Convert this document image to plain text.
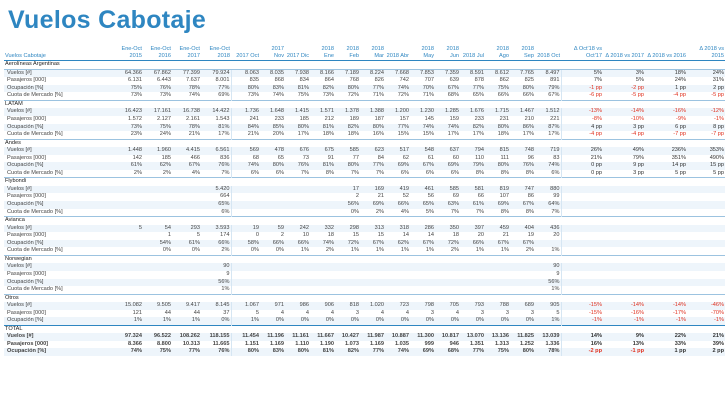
Vuelos Cabotaje
Vuelos Cabotaje	Ene-Oct 2015	Ene-Oct 2016	Ene-Oct 2017	Ene-Oct 2018	2017 Oct	2017 Nov	2017 Dic	2018 Ene	2018 Feb	2018 Mar	2018 Abr	2018 May	2018 Jun	2018 Jul	2018 Ago	2018 Sep	2018 Oct	Δ Oct'18 vs Oct'17	Δ 2018 vs 2017	Δ 2018 vs 2016	Δ 2018 vs 2015
Aerolíneas Argentinas																					
Vuelos [#]	64.366	67.862	77.399	79.924	8.063	8.035	7.938	8.166	7.189	8.224	7.668	7.853	7.359	8.591	8.612	7.765	8.497	5%	3%	18%	24%
Pasajeros [000]	6.131	6.443	7.637	8.001	835	868	834	864	768	826	742	707	639	878	862	825	891	7%	5%	24%	31%
Ocupación [%]	75%	76%	78%	77%	80%	83%	81%	82%	80%	77%	74%	70%	67%	77%	75%	80%	79%	-1 pp	-2 pp	1 pp	2 pp
Cuota de Mercado [%]	73%	73%	74%	69%	73%	74%	75%	73%	72%	71%	72%	71%	68%	65%	66%	66%	67%	-6 pp	-5 pp	-4 pp	-5 pp
LATAM																					
Vuelos [#]	16.423	17.161	16.738	14.422	1.736	1.648	1.415	1.571	1.378	1.388	1.200	1.230	1.285	1.676	1.715	1.467	1.512	-13%	-14%	-16%	-12%
Pasajeros [000]	1.572	2.127	2.161	1.543	241	233	185	212	189	187	157	145	159	233	231	210	221	-8%	-10%	-9%	-1%
Ocupación [%]	73%	75%	78%	81%	84%	85%	80%	81%	82%	80%	77%	74%	74%	82%	80%	86%	87%	4 pp	3 pp	6 pp	8 pp
Cuota de Mercado [%]	23%	24%	21%	17%	21%	20%	17%	18%	18%	16%	15%	15%	17%	17%	18%	17%	17%	-4 pp	-4 pp	-7 pp	-7 pp
Andes																					
Vuelos [#]	1.448	1.960	4.415	6.561	569	478	676	675	585	623	517	548	637	794	815	748	719	26%	49%	236%	353%
Pasajeros [000]	142	185	466	836	68	65	73	91	77	84	62	61	60	110	111	96	83	21%	79%	351%	490%
Ocupación [%]	61%	62%	67%	76%	74%	80%	76%	81%	80%	77%	69%	67%	69%	79%	80%	76%	74%	0 pp	9 pp	14 pp	15 pp
Cuota de Mercado [%]	2%	2%	4%	7%	6%	6%	7%	8%	7%	7%	6%	6%	6%	8%	8%	8%	6%	0 pp	3 pp	5 pp	5 pp
Flybondi																					
Vuelos [#]				5.420					17	169	419	461	585	581	819	747	880				
Pasajeros [000]				664					2	21	52	56	69	66	107	86	99				
Ocupación [%]				65%					56%	69%	66%	65%	63%	61%	69%	67%	64%				
Cuota de Mercado [%]				6%					0%	2%	4%	5%	7%	7%	8%	8%	7%				
Avianca																					
Vuelos [#]	5	54	293	3.593	19	59	242	332	298	313	318	286	350	397	459	404	436				
Pasajeros [000]		1	5	174	0	2	10	18	15	15	14	14	18	20	21	19	20				
Ocupación [%]		54%	61%	66%	58%	66%	66%	74%	72%	67%	62%	67%	72%	66%	67%	67%					
Cuota de Mercado [%]		0%	0%	2%	0%	0%	1%	2%	1%	1%	1%	1%	2%	1%	1%	2%	1%				
Norwegian																					
Vuelos [#]				90													90				
Pasajeros [000]				9													9				
Ocupación [%]				56%													56%				
Cuota de Mercado [%]				1%													1%				
Otros																					
Vuelos [#]	15.082	9.505	9.417	8.145	1.067	971	986	906	818	1.020	723	798	705	793	788	689	905	-15%	-14%	-14%	-46%
Pasajeros [000]	121	44	44	37	5	4	4	4	3	4	4	3	4	3	3	3	5	-15%	-16%	-17%	-70%
Ocupación [%]	1%	1%	1%	0%	1%	0%	0%	0%	0%	0%	0%	0%	0%	0%	0%	0%	1%	-1%	-1%	-1%	-1%
TOTAL																					
Vuelos [#]	97.324	96.522	108.262	118.155	11.454	11.196	11.161	11.667	10.427	11.987	10.887	11.300	10.817	13.070	13.136	11.825	13.039	14%	9%	22%	21%
Pasajeros [000]	8.366	8.800	10.313	11.665	1.151	1.169	1.110	1.190	1.073	1.169	1.035	999	946	1.351	1.313	1.252	1.336	16%	13%	33%	39%
Ocupación [%]	74%	75%	77%	76%	80%	83%	80%	81%	82%	77%	74%	69%	68%	77%	75%	80%	78%	-2 pp	-1 pp	1 pp	2 pp
